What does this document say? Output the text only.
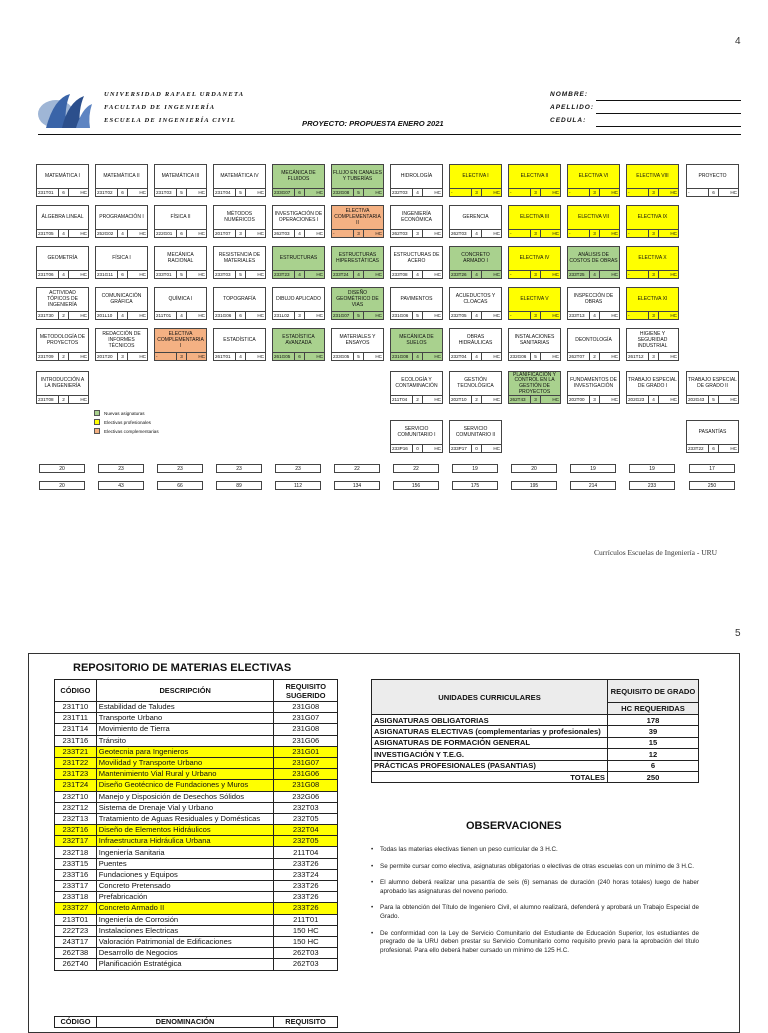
4
UNIVERSIDAD RAFAEL URDANETA
FACULTAD DE INGENIERÍA
ESCUELA DE INGENIERÍA CIVIL	PROYECTO: PROPUESTA ENERO 2021
NOMBRE:
APELLIDO:
CEDULA:
MATEMÁTICA I
231T01	6	HC
ÁLGEBRA LINEAL
231T05	4	HC
GEOMETRÍA
231T06	4	HC
ACTIVIDAD TÓPICOS DE INGENIERÍA
231T30	2	HC
METODOLOGÍA DE PROYECTOS
231T09	2	HC
INTRODUCCIÓN A LA INGENIERÍA
231T08	2	HC
MATEMÁTICA II
231T02	6	HC
PROGRAMACIÓN I
252G02	4	HC
FÍSICA I
231G11	6	HC
COMUNICACIÓN GRÁFICA
201L10	4	HC
REDACCIÓN DE INFORMES TÉCNICOS
201T20	3	HC
MATEMÁTICA III
231T03	5	HC
FÍSICA II
222G01	6	HC
MECÁNICA RACIONAL
233T01	5	HC
QUÍMICA I
211T01	4	HC
ELECTIVA COMPLEMENTARIA I
-	3	HC
MATEMÁTICA IV
231T04	5	HC
MÉTODOS NUMÉRICOS
201T07	3	HC
RESISTENCIA DE MATERIALES
233T03	5	HC
TOPOGRAFÍA
231G06	6	HC
ESTADÍSTICA
261T01	4	HC
MECÁNICA DE FLUIDOS
233G07	6	HC
INVESTIGACIÓN DE OPERACIONES I
262T03	4	HC
ESTRUCTURAS
233T23	4	HC
DIBUJO APLICADO
231L02	3	HC
ESTADÍSTICA AVANZADA
261G05	6	HC
FLUJO EN CANALES Y TUBERÍAS
232G08	5	HC
ELECTIVA COMPLEMENTARIA II
-	3	HC
ESTRUCTURAS HIPERESTÁTICAS
233T24	4	HC
DISEÑO GEOMÉTRICO DE VIAS
231G07	5	HC
MATERIALES Y ENSAYOS
233G05	5	HC
HIDROLOGÍA
232T03	4	HC
INGENIERÍA ECONÓMICA
262T03	3	HC
ESTRUCTURAS DE ACERO
233T08	4	HC
PAVIMENTOS
231G06	5	HC
MECÁNICA DE SUELOS
231G08	4	HC
ECOLOGÍA Y CONTAMINACIÓN
211T04	2	HC
SERVICIO COMUNITARIO I
233P16	0	HC
ELECTIVA I
-	3	HC
GERENCIA
262T03	4	HC
CONCRETO ARMADO I
233T26	4	HC
ACUEDUCTOS Y CLOACAS
232T05	4	HC
OBRAS HIDRÁULICAS
232T04	4	HC
GESTIÓN TECNOLÓGICA
202T10	2	HC
SERVICIO COMUNITARIO II
233P17	0	HC
ELECTIVA II
-	3	HC
ELECTIVA III
-	3	HC
ELECTIVA IV
-	3	HC
ELECTIVA V
-	3	HC
INSTALACIONES SANITARIAS
232G06	5	HC
PLANIFICACIÓN Y CONTROL EN LA GESTIÓN DE PROYECTOS
262T43	3	HC
ELECTIVA VI
-	3	HC
ELECTIVA VII
-	3	HC
ANÁLISIS DE COSTOS DE OBRAS
233T25	4	HC
INSPECCIÓN DE OBRAS
233T13	4	HC
DEONTOLOGÍA
262T07	2	HC
FUNDAMENTOS DE INVESTIGACIÓN
202T00	3	HC
ELECTIVA VIII
-	3	HC
ELECTIVA IX
-	3	HC
ELECTIVA X
-	3	HC
ELECTIVA XI
-	3	HC
HIGIENE Y SEGURIDAD INDUSTRIAL
261T12	3	HC
TRABAJO ESPECIAL DE GRADO I
202G23	4	HC
PROYECTO
-	6	HC
TRABAJO ESPECIAL DE GRADO II
202G43	5	HC
PASANTÍAS
233T22	6	HC
Nuevas asignaturas
Electivas profesionales
Electivas complementarias
20
20
23
43
23
66
23
89
23
112
22
134
22
156
19
175
20
195
19
214
19
233
17
250
Currículos Escuelas de Ingeniería - URU
5
REPOSITORIO DE MATERIAS ELECTIVAS
CÓDIGO	DESCRIPCIÓN	REQUISITO SUGERIDO
231T10	Estabilidad de Taludes	231G08
231T11	Transporte Urbano	231G07
231T14	Movimiento de Tierra	231G08
231T16	Tránsito	231G06
233T21	Geotecnia para Ingenieros	231G01
231T22	Movilidad y Transporte Urbano	231G07
231T23	Mantenimiento Vial Rural y Urbano	231G06
231T24	Diseño Geotécnico de Fundaciones y Muros	231G08
232T10	Manejo y Disposición de Desechos Sólidos	232G06
232T12	Sistema de Drenaje Vial y Urbano	232T03
232T13	Tratamiento de Aguas Residuales y Domésticas	232T05
232T16	Diseño de Elementos Hidráulicos	232T04
232T17	Infraestructura Hidráulica Urbana	232T05
232T18	Ingeniería Sanitaria	211T04
233T15	Puentes	233T26
233T16	Fundaciones y Equipos	233T24
233T17	Concreto Pretensado	233T26
233T18	Prefabricación	233T26
233T27	Concreto Armado II	233T26
213T01	Ingeniería de Corrosión	211T01
222T23	Instalaciones Electricas	150 HC
243T17	Valoración Patrimonial de Edificaciones	150 HC
262T38	Desarrollo de Negocios	262T03
262T40	Planificación Estratégica	262T03
CÓDIGO	DENOMINACIÓN	REQUISITO
UNIDADES CURRICULARES	REQUISITO DE GRADO
	HC REQUERIDAS
ASIGNATURAS OBLIGATORIAS	178
ASIGNATURAS ELECTIVAS (complementarias y profesionales)	39
ASIGNATURAS DE FORMACIÓN GENERAL	15
INVESTIGACIÓN Y T.E.G.	12
PRÁCTICAS PROFESIONALES (PASANTIAS)	6
TOTALES	250
OBSERVACIONES
• Todas las materias electivas tienen un peso curricular de 3 H.C.
• Se permite cursar como electiva, asignaturas obligatorias o electivas de otras escuelas con un mínimo de 3 H.C.
• El alumno deberá realizar una pasantía de seis (6) semanas de duración (240 horas totales) luego de haber aprobado las asignaturas del noveno periodo.
• Para la obtención del Título de Ingeniero Civil, el alumno realizará, defenderá y aprobará un Trabajo Especial de Grado.
• De conformidad con la Ley de Servicio Comunitario del Estudiante de Educación Superior, los estudiantes de pregrado de la URU deben prestar su Servicio Comunitario como requisito previo para la aprobación del título profesional. Para ello deberá haber cursado un mínimo de 125 H.C.
